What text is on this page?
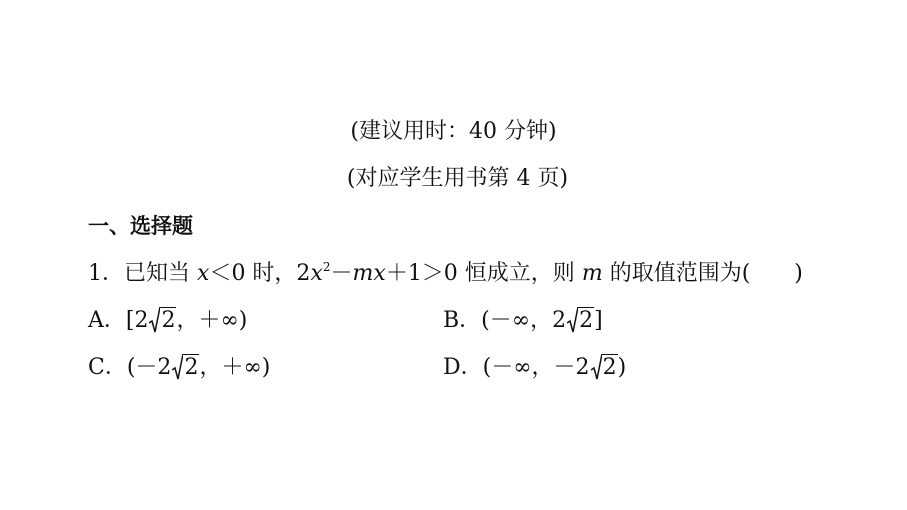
(建议用时：40 分钟)
(对应学生用书第 4 页)
一、选择题
1．已知当 x＜0 时，$2x^2-mx+1>0$ 恒成立，则 m 的取值范围为(　　)
A．[2 2，＋∞)	B．(－∞，2 2]
C．(－2 2，＋∞)	D．(－∞，－2 2)
